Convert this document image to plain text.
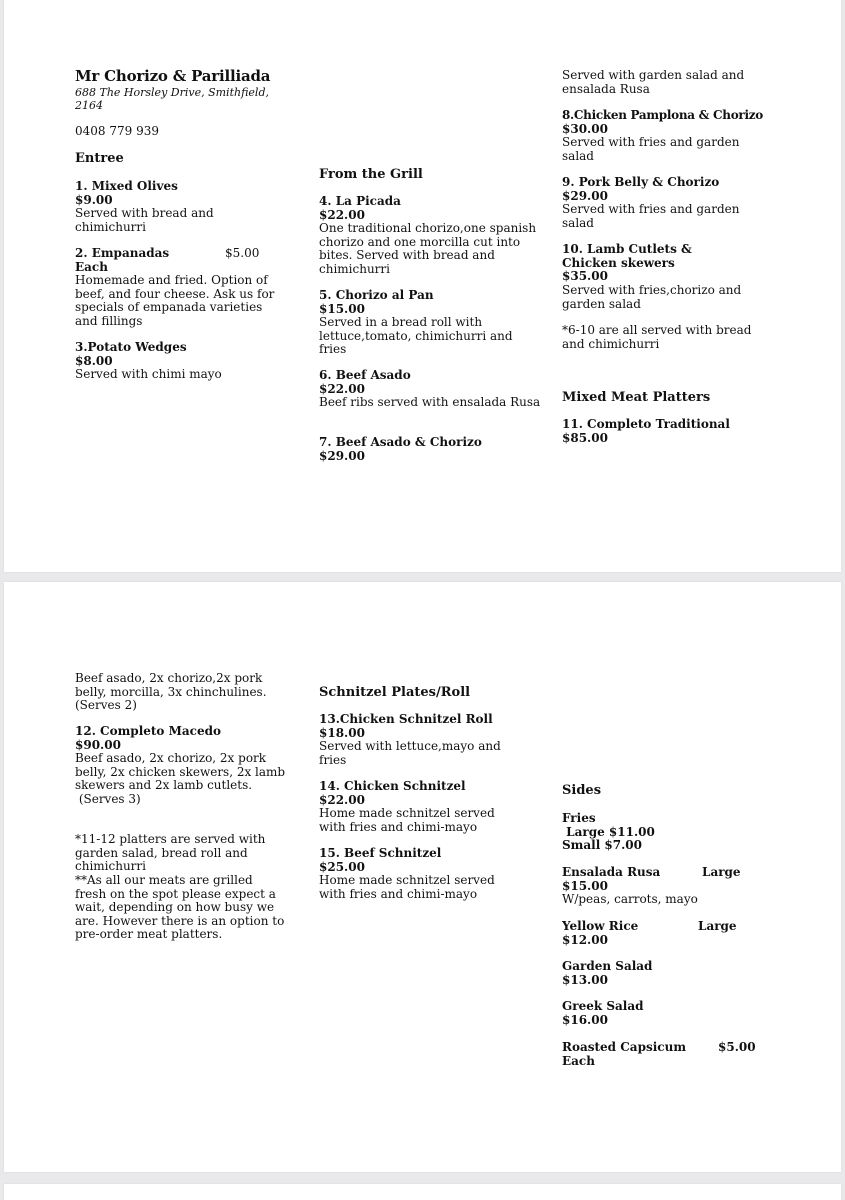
Mr Chorizo & Parilliada
688 The Horsley Drive, Smithfield, 2164
0408 779 939
Entree
1. Mixed Olives
$9.00
Served with bread and chimichurri
2. Empanadas	$5.00
Each
Homemade and fried. Option of beef, and four cheese. Ask us for specials of empanada varieties and fillings
3.Potato Wedges
$8.00
Served with chimi mayo
From the Grill
4. La Picada
$22.00
One traditional chorizo,one spanish chorizo and one morcilla cut into bites. Served with bread and chimichurri
5. Chorizo al Pan
$15.00
Served in a bread roll with lettuce,tomato, chimichurri and fries
6. Beef Asado
$22.00
Beef ribs served with ensalada Rusa
7. Beef Asado & Chorizo
$29.00
Served with garden salad and ensalada Rusa
8.Chicken Pamplona & Chorizo
$30.00
Served with fries and garden salad
9. Pork Belly & Chorizo
$29.00
Served with fries and garden salad
10. Lamb Cutlets & Chicken skewers
$35.00
Served with fries,chorizo and garden salad
*6-10 are all served with bread and chimichurri
Mixed Meat Platters
11. Completo Traditional
$85.00
Beef asado, 2x chorizo,2x pork belly, morcilla, 3x chinchulines. (Serves 2)
12. Completo Macedo
$90.00
Beef asado, 2x chorizo, 2x pork belly, 2x chicken skewers, 2x lamb skewers and 2x lamb cutlets.
(Serves 3)
*11-12 platters are served with garden salad, bread roll and chimichurri
**As all our meats are grilled fresh on the spot please expect a wait, depending on how busy we are. However there is an option to pre-order meat platters.
Schnitzel Plates/Roll
13.Chicken Schnitzel Roll
$18.00
Served with lettuce,mayo and fries
14. Chicken Schnitzel
$22.00
Home made schnitzel served with fries and chimi-mayo
15. Beef Schnitzel
$25.00
Home made schnitzel served with fries and chimi-mayo
Sides
Fries
Large $11.00
Small $7.00
Ensalada Rusa	Large
$15.00
W/peas, carrots, mayo
Yellow Rice	Large
$12.00
Garden Salad
$13.00
Greek Salad
$16.00
Roasted Capsicum	$5.00
Each
